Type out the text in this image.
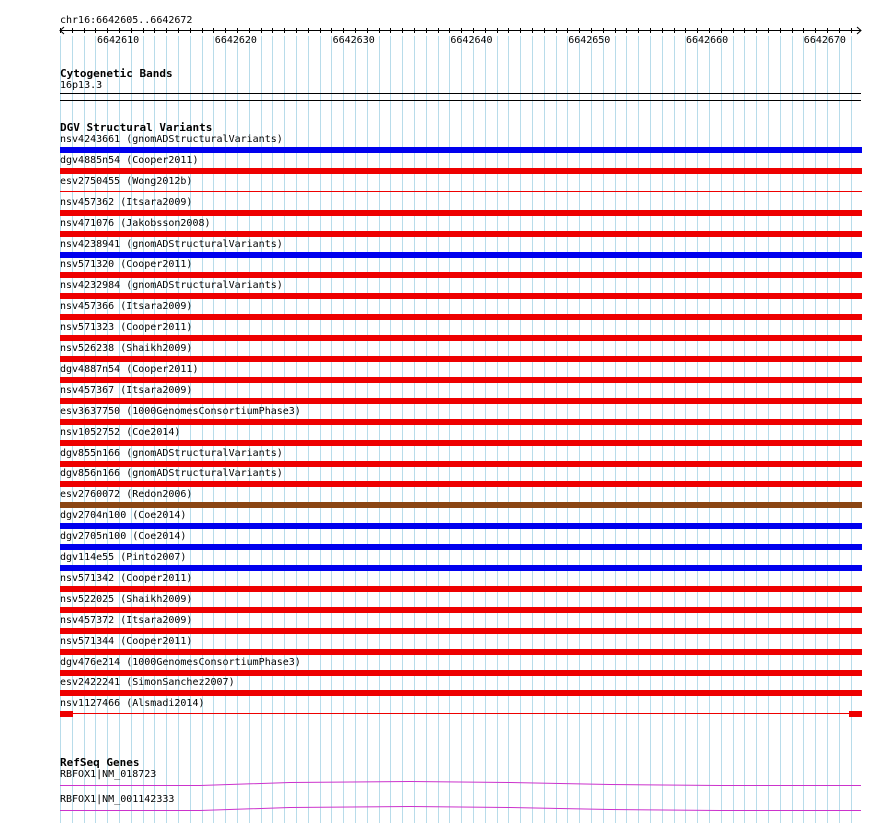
chr16:6642605..6642672
6642610	6642620	6642630	6642640	6642650	6642660	6642670
Cytogenetic Bands
16p13.3
DGV Structural Variants
nsv4243661 (gnomADStructuralVariants)
dgv4885n54 (Cooper2011)
esv2750455 (Wong2012b)
nsv457362 (Itsara2009)
nsv471076 (Jakobsson2008)
nsv4238941 (gnomADStructuralVariants)
nsv571320 (Cooper2011)
nsv4232984 (gnomADStructuralVariants)
nsv457366 (Itsara2009)
nsv571323 (Cooper2011)
nsv526238 (Shaikh2009)
dgv4887n54 (Cooper2011)
nsv457367 (Itsara2009)
esv3637750 (1000GenomesConsortiumPhase3)
nsv1052752 (Coe2014)
dgv855n166 (gnomADStructuralVariants)
dgv856n166 (gnomADStructuralVariants)
esv2760072 (Redon2006)
dgv2704n100 (Coe2014)
dgv2705n100 (Coe2014)
dgv114e55 (Pinto2007)
nsv571342 (Cooper2011)
nsv522025 (Shaikh2009)
nsv457372 (Itsara2009)
nsv571344 (Cooper2011)
dgv476e214 (1000GenomesConsortiumPhase3)
esv2422241 (SimonSanchez2007)
nsv1127466 (Alsmadi2014)
RefSeq Genes
RBFOX1|NM_018723
RBFOX1|NM_001142333
